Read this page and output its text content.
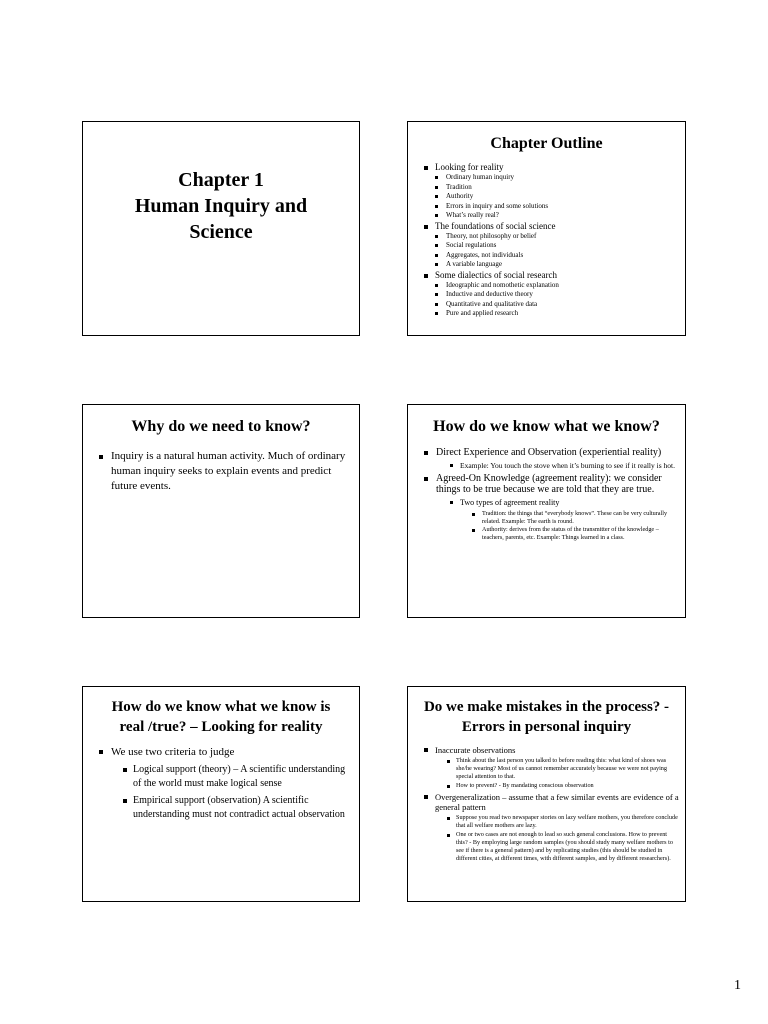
Chapter 1
Human Inquiry and
Science
Chapter Outline
Looking for reality
Ordinary human inquiry
Tradition
Authority
Errors in inquiry and some solutions
What’s really real?
The foundations of social science
Theory, not philosophy or belief
Social regulations
Aggregates, not individuals
A variable language
Some dialectics of social research
Ideographic and nomothetic explanation
Inductive and deductive theory
Quantitative and qualitative data
Pure and applied research
Why do we need to know?
Inquiry is a natural human activity. Much of ordinary human inquiry seeks to explain events and predict future events.
How do we know what we know?
Direct Experience and Observation (experiential reality)
Example: You touch the stove when it’s burning to see if it really is hot.
Agreed-On Knowledge (agreement reality): we consider things to be true because we are told that they are true.
Two types of agreement reality
Tradition: the things that “everybody knows”. These can be very culturally related. Example: The earth is round.
Authority: derives from the status of the transmitter of the knowledge – teachers, parents, etc. Example: Things learned in a class.
How do we know what we know is
real /true? – Looking for reality
We use two criteria to judge
Logical support (theory) – A scientific understanding of the world must make logical sense
Empirical support (observation) A scientific understanding must not contradict actual observation
Do we make mistakes in the process? -
Errors in personal inquiry
Inaccurate observations
Think about the last person you talked to before reading this: what kind of shoes was she/he wearing? Most of us cannot remember accurately because we were not paying special attention to that.
How to prevent? - By mandating conscious observation
Overgeneralization – assume that a few similar events are evidence of a general pattern
Suppose you read two newspaper stories on lazy welfare mothers, you therefore conclude that all welfare mothers are lazy.
One or two cases are not enough to lead so such general conclusions. How to prevent this? - By employing large random samples (you should study many welfare mothers to see if there is a general pattern) and by replicating studies (this should be studied in different cities, at different times, with different samples, and by different researchers).
1
